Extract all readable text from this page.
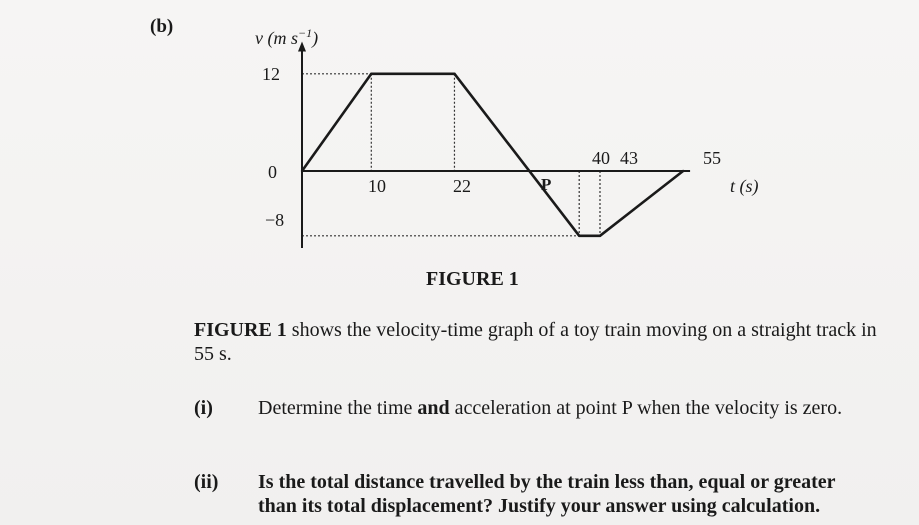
(b)
v (m $s^{-1}$)
12
0
−8
10	22
40 43	55
P	t (s)
FIGURE 1
FIGURE 1 shows the velocity-time graph of a toy train moving on a straight track in 55 s.
(i) Determine the time and acceleration at point P when the velocity is zero.
(ii) Is the total distance travelled by the train less than, equal or greater than its total displacement? Justify your answer using calculation.
